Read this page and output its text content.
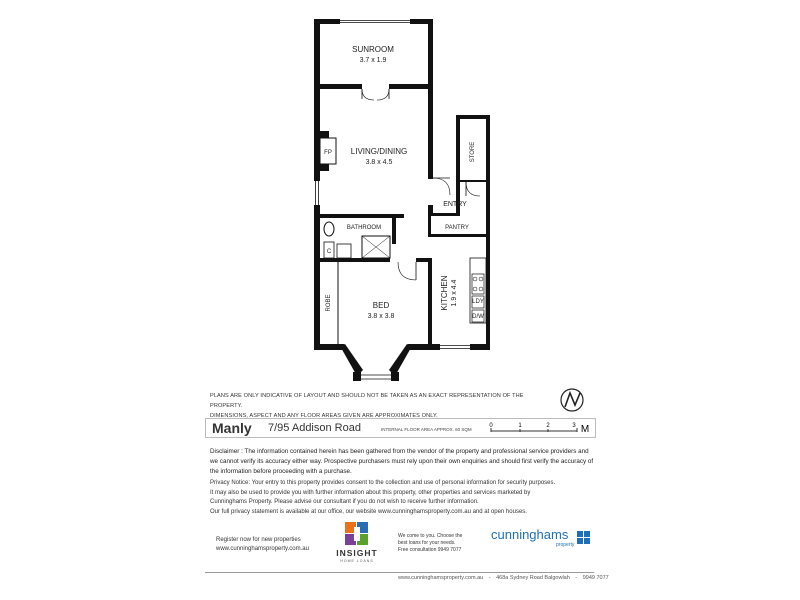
SUNROOM
3.7 x 1.9
LIVING/DINING
3.8 x 4.5
FP	STORE
ENTRY
BATHROOM	PANTRY
C
KITCHEN 1.9 x 4.4 LDY
D/W
ROBE	BED
3.8 x 3.8
PLANS ARE ONLY INDICATIVE OF LAYOUT AND SHOULD NOT BE TAKEN AS AN EXACT REPRESENTATION OF THE PROPERTY.
DIMENSIONS, ASPECT AND ANY FLOOR AREAS GIVEN ARE APPROXIMATES ONLY.
Manly 7/95 Addison Road	INTERNAL FLOOR AREA APPROX. 60 SQM
0	1	2	3 M
Disclaimer : The information contained herein has been gathered from the vendor of the property and professional service providers and we cannot verify its accuracy either way. Prospective purchasers must rely upon their own enquiries and should first verify the accuracy of the information before proceeding with a purchase.
Privacy Notice: Your entry to this property provides consent to the collection and use of personal information for security purposes.
It may also be used to provide you with further information about this property, other properties and services marketed by
Cunninghams Property. Please advise our consultant if you do not wish to receive further information.
Our full privacy statement is available at our office, our website www.cunninghamsproperty.com.au and at open houses.
Register now for new properties
www.cunninghamsproperty.com.au	INSIGHT
HOME LOANS
We come to you. Choose the
best loans for your needs.
Free consultation 9949 7077
cunninghams
property
www.cunninghamsproperty.com.au - 468a Sydney Road Balgowlah - 9949 7077
